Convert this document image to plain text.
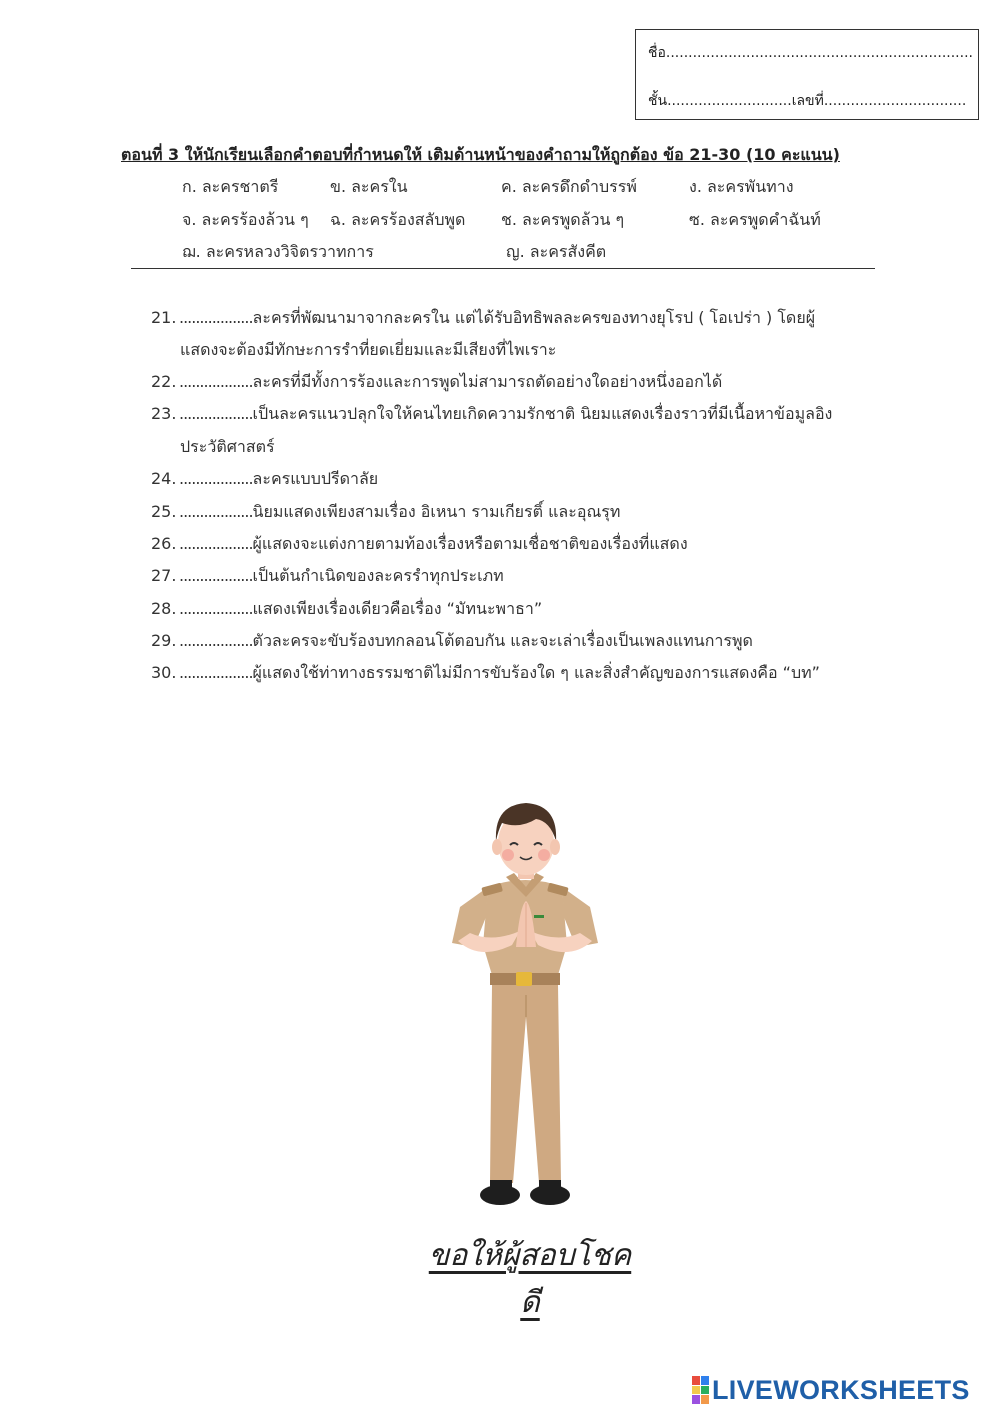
ชื่อ.....................................................................
ชั้น............................เลขที่................................
ตอนที่ 3 ให้นักเรียนเลือกคำตอบที่กำหนดให้ เติมด้านหน้าของคำถามให้ถูกต้อง ข้อ 21-30 (10 คะแนน)
ก. ละครชาตรี	ข. ละครใน	ค. ละครดึกดำบรรพ์	ง. ละครพันทาง
จ. ละครร้องล้วน ๆ ฉ. ละครร้องสลับพูด ช. ละครพูดล้วน ๆ	ซ. ละครพูดคำฉันท์
ฌ. ละครหลวงวิจิตรวาทการ	ญ. ละครสังคีต
21. ..................ละครที่พัฒนามาจากละครใน แต่ได้รับอิทธิพลละครของทางยุโรป ( โอเปร่า ) โดยผู้
แสดงจะต้องมีทักษะการรำที่ยดเยี่ยมและมีเสียงที่ไพเราะ
22. ..................ละครที่มีทั้งการร้องและการพูดไม่สามารถตัดอย่างใดอย่างหนึ่งออกได้
23. ..................เป็นละครแนวปลุกใจให้คนไทยเกิดความรักชาติ นิยมแสดงเรื่องราวที่มีเนื้อหาข้อมูลอิง
ประวัติศาสตร์
24. ..................ละครแบบปรีดาลัย
25. ..................นิยมแสดงเพียงสามเรื่อง อิเหนา รามเกียรติ์ และอุณรุท
26. ..................ผู้แสดงจะแต่งกายตามท้องเรื่องหรือตามเชื่อชาติของเรื่องที่แสดง
27. ..................เป็นต้นกำเนิดของละครรำทุกประเภท
28. ..................แสดงเพียงเรื่องเดียวคือเรื่อง “มัทนะพาธา”
29. ..................ตัวละครจะขับร้องบทกลอนโต้ตอบกัน และจะเล่าเรื่องเป็นเพลงแทนการพูด
30. ..................ผู้แสดงใช้ท่าทางธรรมชาติไม่มีการขับร้องใด ๆ และสิ่งสำคัญของการแสดงคือ “บท”
ขอให้ผู้สอบโชคดี
LIVEWORKSHEETS
